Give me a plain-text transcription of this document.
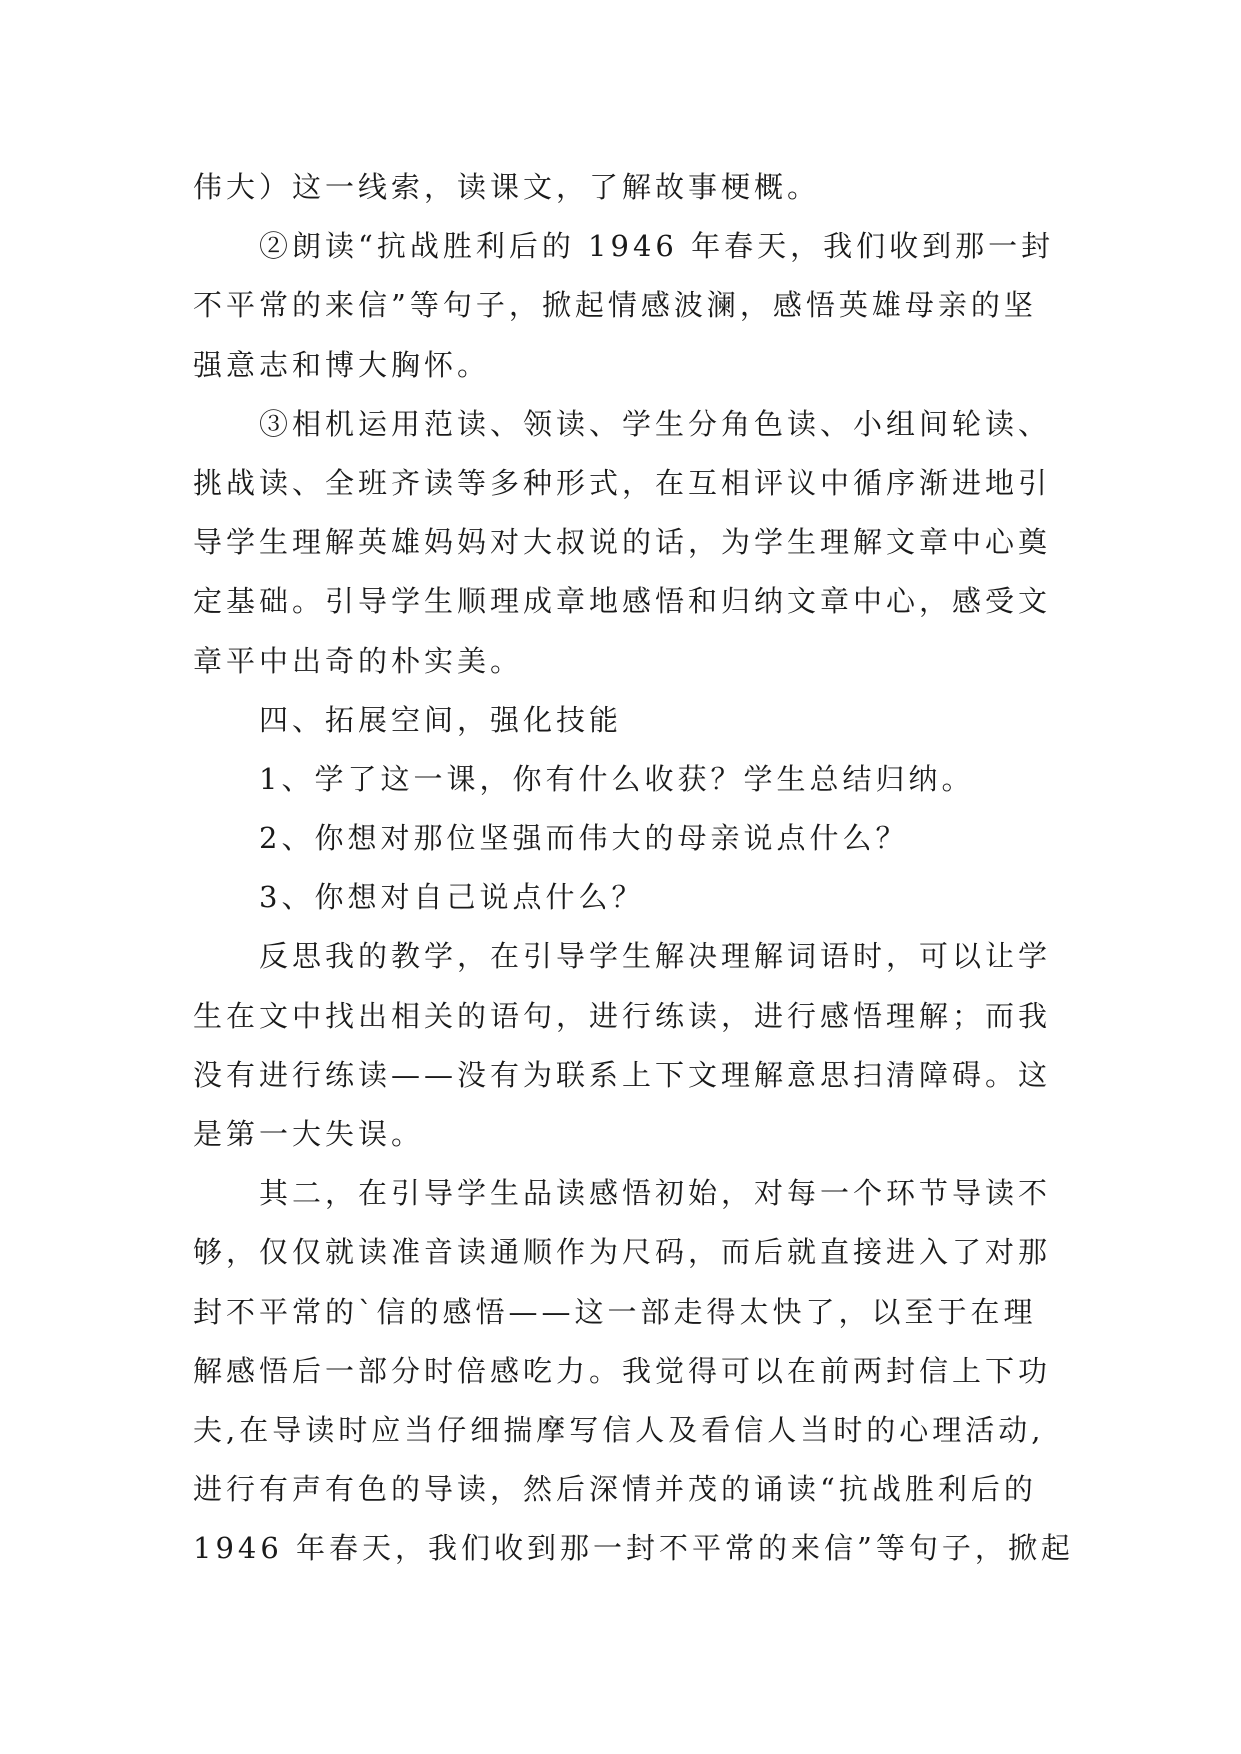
伟大）这一线索，读课文，了解故事梗概。
②朗读“抗战胜利后的 1946 年春天，我们收到那一封
不平常的来信”等句子，掀起情感波澜，感悟英雄母亲的坚
强意志和博大胸怀。
③相机运用范读、领读、学生分角色读、小组间轮读、
挑战读、全班齐读等多种形式，在互相评议中循序渐进地引
导学生理解英雄妈妈对大叔说的话，为学生理解文章中心奠
定基础。引导学生顺理成章地感悟和归纳文章中心，感受文
章平中出奇的朴实美。
四、拓展空间，强化技能
1、学了这一课，你有什么收获？学生总结归纳。
2、你想对那位坚强而伟大的母亲说点什么？
3、你想对自己说点什么？
反思我的教学，在引导学生解决理解词语时，可以让学
生在文中找出相关的语句，进行练读，进行感悟理解；而我
没有进行练读——没有为联系上下文理解意思扫清障碍。这
是第一大失误。
其二，在引导学生品读感悟初始，对每一个环节导读不
够，仅仅就读准音读通顺作为尺码，而后就直接进入了对那
封不平常的`信的感悟——这一部走得太快了，以至于在理
解感悟后一部分时倍感吃力。我觉得可以在前两封信上下功
夫,在导读时应当仔细揣摩写信人及看信人当时的心理活动,
进行有声有色的导读，然后深情并茂的诵读“抗战胜利后的
1946 年春天，我们收到那一封不平常的来信”等句子，掀起
